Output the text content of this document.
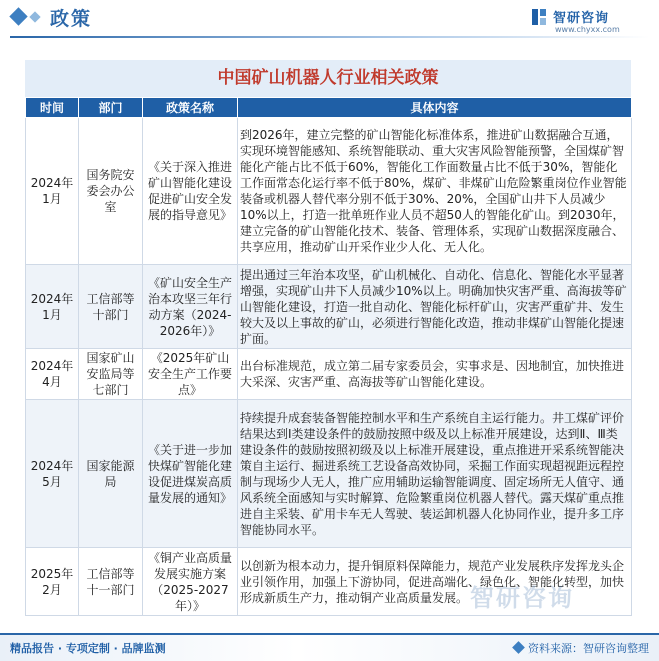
政策	智研咨询
www.chyxx.com
中国矿山机器人行业相关政策
时间	部门	政策名称	具体内容
2024年1月	国务院安委会办公室	《关于深入推进矿山智能化建设促进矿山安全发展的指导意见》	到2026年，建立完整的矿山智能化标准体系，推进矿山数据融合互通，实现环境智能感知、系统智能联动、重大灾害风险智能预警，全国煤矿智能化产能占比不低于60%，智能化工作面数量占比不低于30%，智能化工作面常态化运行率不低于80%，煤矿、非煤矿山危险繁重岗位作业智能装备或机器人替代率分别不低于30%、20%，全国矿山井下人员减少10%以上，打造一批单班作业人员不超50人的智能化矿山。到2030年，建立完备的矿山智能化技术、装备、管理体系，实现矿山数据深度融合、共享应用，推动矿山开采作业少人化、无人化。
2024年1月	工信部等十部门	《矿山安全生产治本攻坚三年行动方案（2024-2026年）》	提出通过三年治本攻坚，矿山机械化、自动化、信息化、智能化水平显著增强，实现矿山井下人员减少10%以上。明确加快灾害严重、高海拔等矿山智能化建设，打造一批自动化、智能化标杆矿山，灾害严重矿井、发生较大及以上事故的矿山，必须进行智能化改造，推动非煤矿山智能化提速扩面。
2024年4月	国家矿山安监局等七部门	《2025年矿山安全生产工作要点》	出台标准规范，成立第二届专家委员会，实事求是、因地制宜，加快推进大采深、灾害严重、高海拔等矿山智能化建设。
2024年5月	国家能源局	《关于进一步加快煤矿智能化建设促进煤炭高质量发展的通知》	持续提升成套装备智能控制水平和生产系统自主运行能力。井工煤矿评价结果达到Ⅰ类建设条件的鼓励按照中级及以上标准开展建设，达到Ⅱ、Ⅲ类建设条件的鼓励按照初级及以上标准开展建设，重点推进开采系统智能决策自主运行、掘进系统工艺设备高效协同，采掘工作面实现超视距远程控制与现场少人无人，推广应用辅助运输智能调度、固定场所无人值守、通风系统全面感知与实时解算、危险繁重岗位机器人替代。露天煤矿重点推进自主采装、矿用卡车无人驾驶、装运卸机器人化协同作业，提升多工序智能协同水平。
2025年2月	工信部等十一部门	《铜产业高质量发展实施方案（2025-2027年）》	以创新为根本动力，提升铜原料保障能力，规范产业发展秩序发挥龙头企业引领作用，加强上下游协同，促进高端化、绿色化、智能化转型，加快形成新质生产力，推动铜产业高质量发展。 智研咨询
精品报告 · 专项定制 · 品牌监测	资料来源：智研咨询整理
